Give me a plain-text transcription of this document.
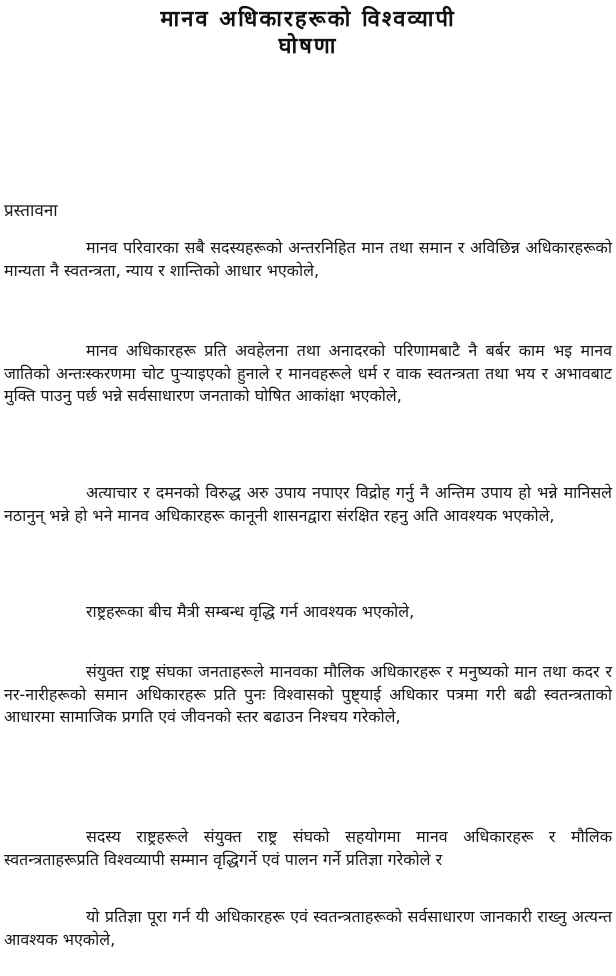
मानव अधिकारहरूको विश्वव्यापी
घोषणा
प्रस्तावना

मानव परिवारका सबै सदस्यहरूको अन्तरनिहित मान तथा समान र अविछिन्न अधिकारहरूको मान्यता नै स्वतन्त्रता, न्याय र शान्तिको आधार भएकोले,

मानव अधिकारहरू प्रति अवहेलना तथा अनादरको परिणामबाटै नै बर्बर काम भइ मानव जातिको अन्तःस्करणमा चोट पुऱ्याइएको हुनाले र मानवहरूले धर्म र वाक स्वतन्त्रता तथा भय र अभावबाट मुक्ति पाउनु पर्छ भन्ने सर्वसाधारण जनताको घोषित आकांक्षा भएकोले,

अत्याचार र दमनको विरुद्ध अरु उपाय नपाएर विद्रोह गर्नु नै अन्तिम उपाय हो भन्ने मानिसले नठानुन् भन्ने हो भने मानव अधिकारहरू कानूनी शासनद्वारा संरक्षित रहनु अति आवश्यक भएकोले,

राष्ट्रहरूका बीच मैत्री सम्बन्ध वृद्धि गर्न आवश्यक भएकोले,

संयुक्त राष्ट्र संघका जनताहरूले मानवका मौलिक अधिकारहरू र मनुष्यको मान तथा कदर र नर-नारीहरूको समान अधिकारहरू प्रति पुनः विश्वासको पुष्ट्याई अधिकार पत्रमा गरी बढी स्वतन्त्रताको आधारमा सामाजिक प्रगति एवं जीवनको स्तर बढाउन निश्चय गरेकोले,

सदस्य राष्ट्रहरूले संयुक्त राष्ट्र संघको सहयोगमा मानव अधिकारहरू र मौलिक स्वतन्त्रताहरूप्रति विश्वव्यापी सम्मान वृद्धिगर्ने एवं पालन गर्ने प्रतिज्ञा गरेकोले र

यो प्रतिज्ञा पूरा गर्न यी अधिकारहरू एवं स्वतन्त्रताहरूको सर्वसाधारण जानकारी राख्नु अत्यन्त आवश्यक भएकोले,
